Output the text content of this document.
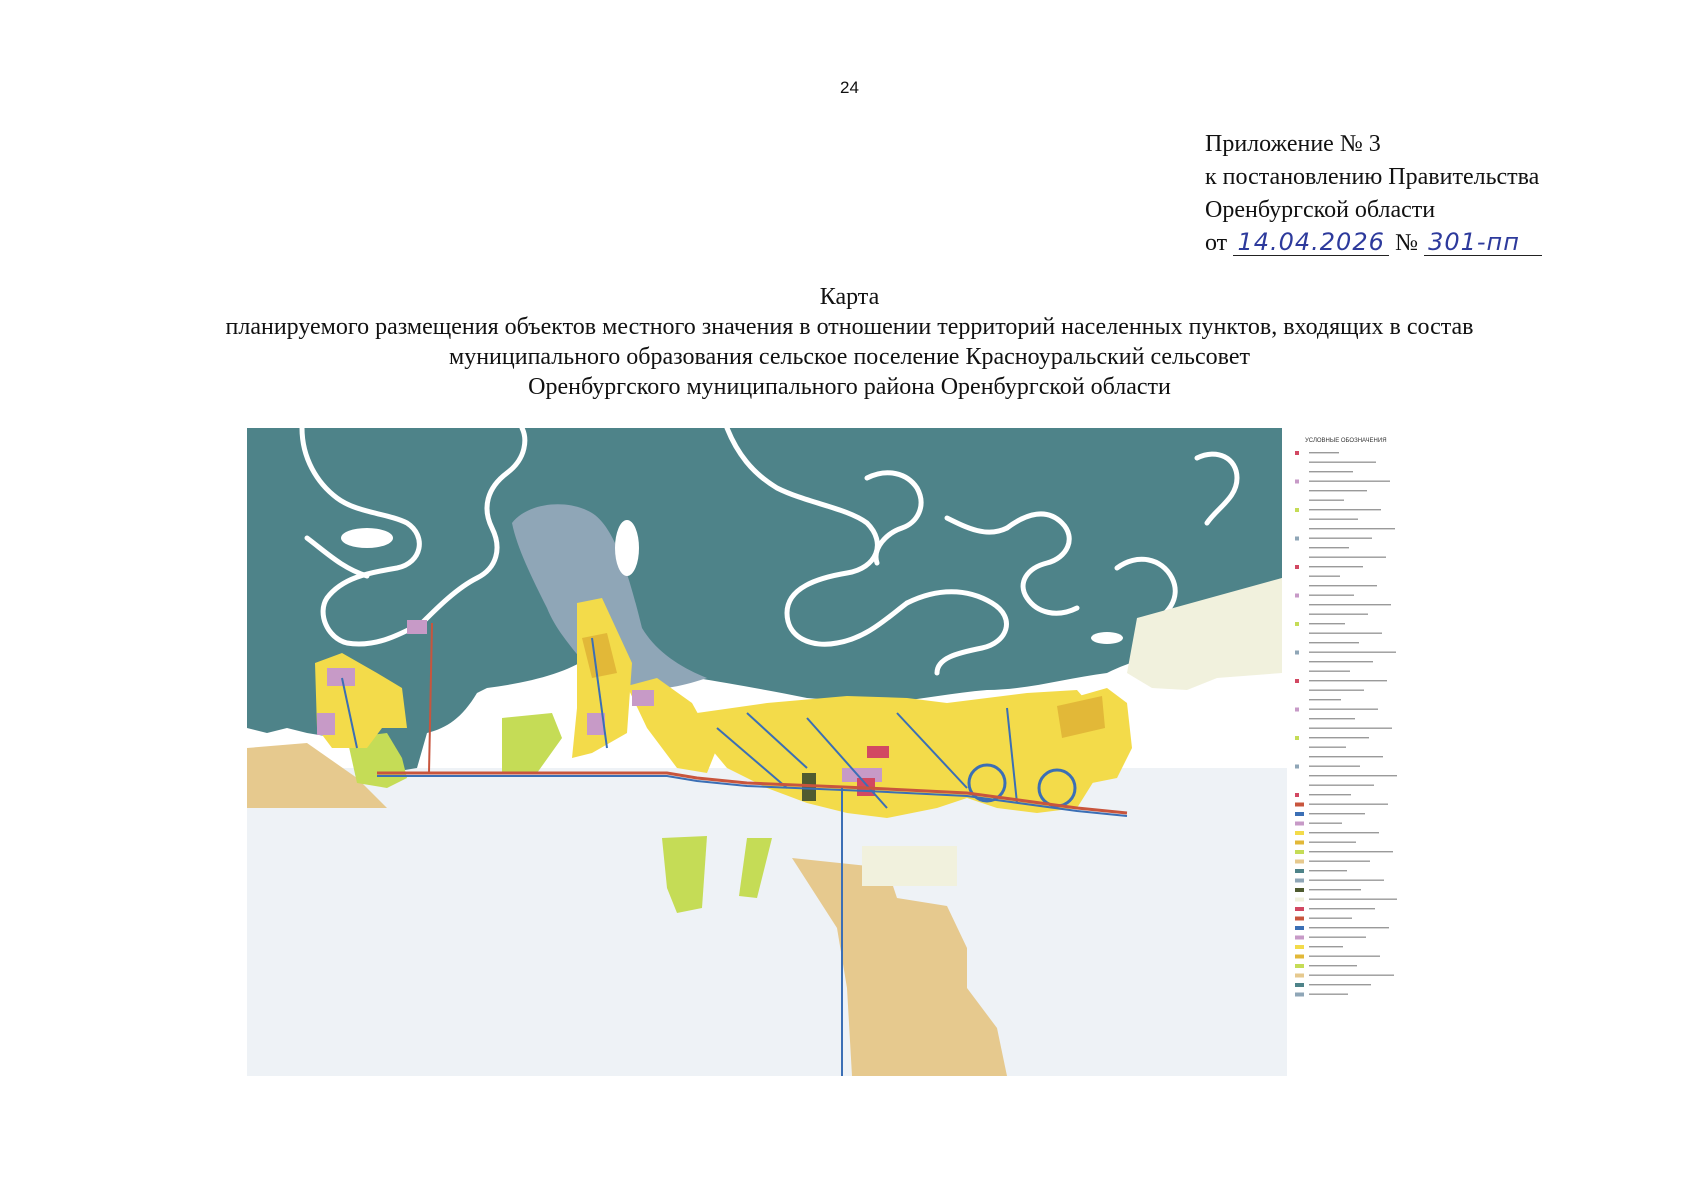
24
Приложение № 3
к постановлению Правительства
Оренбургской области
от 14.04.2026 № 301-пп
Карта
планируемого размещения объектов местного значения в отношении территорий населенных пунктов, входящих в состав
муниципального образования сельское поселение Красноуральский сельсовет
Оренбургского муниципального района Оренбургской области
УСЛОВНЫЕ ОБОЗНАЧЕНИЯ
